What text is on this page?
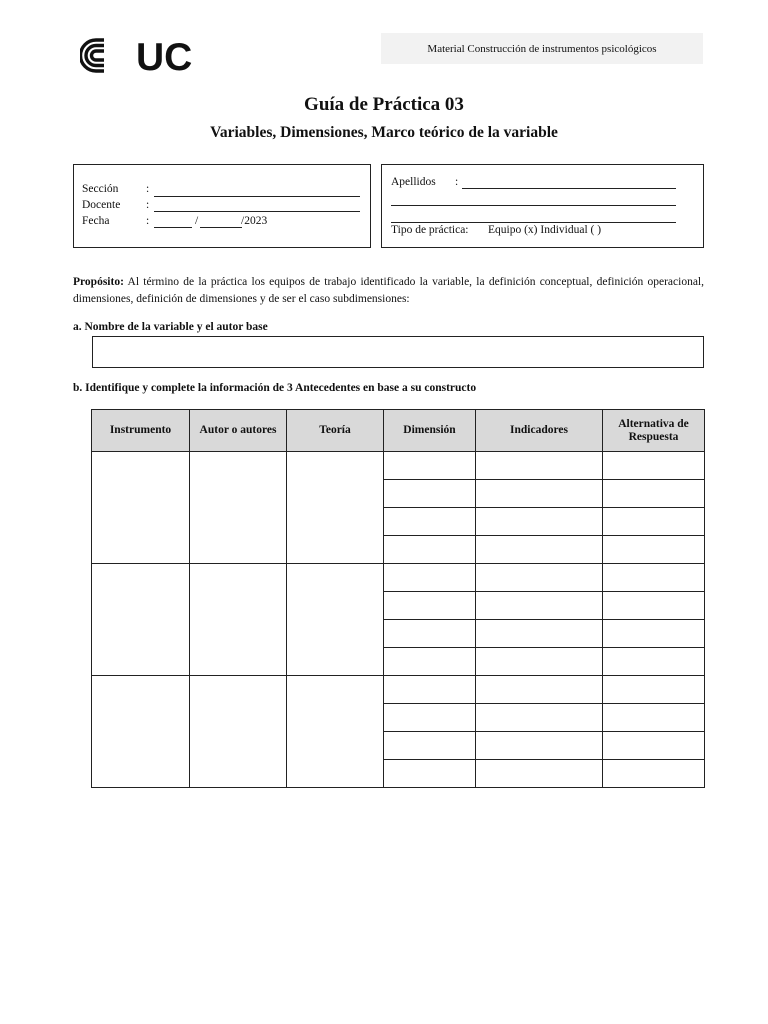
UC	Material Construcción de instrumentos psicológicos
Guía de Práctica 03
Variables, Dimensiones, Marco teórico de la variable
Sección :
Docente :
Fecha	:	/	/2023
Apellidos :
Tipo de práctica: Equipo (x) Individual ( )
Propósito: Al término de la práctica los equipos de trabajo identificado la variable, la definición conceptual, definición operacional, dimensiones, definición de dimensiones y de ser el caso subdimensiones:
a. Nombre de la variable y el autor base
b. Identifique y complete la información de 3 Antecedentes en base a su constructo
Instrumento	Autor o autores	Teoría	Dimensión	Indicadores	Alternativa de Respuesta
